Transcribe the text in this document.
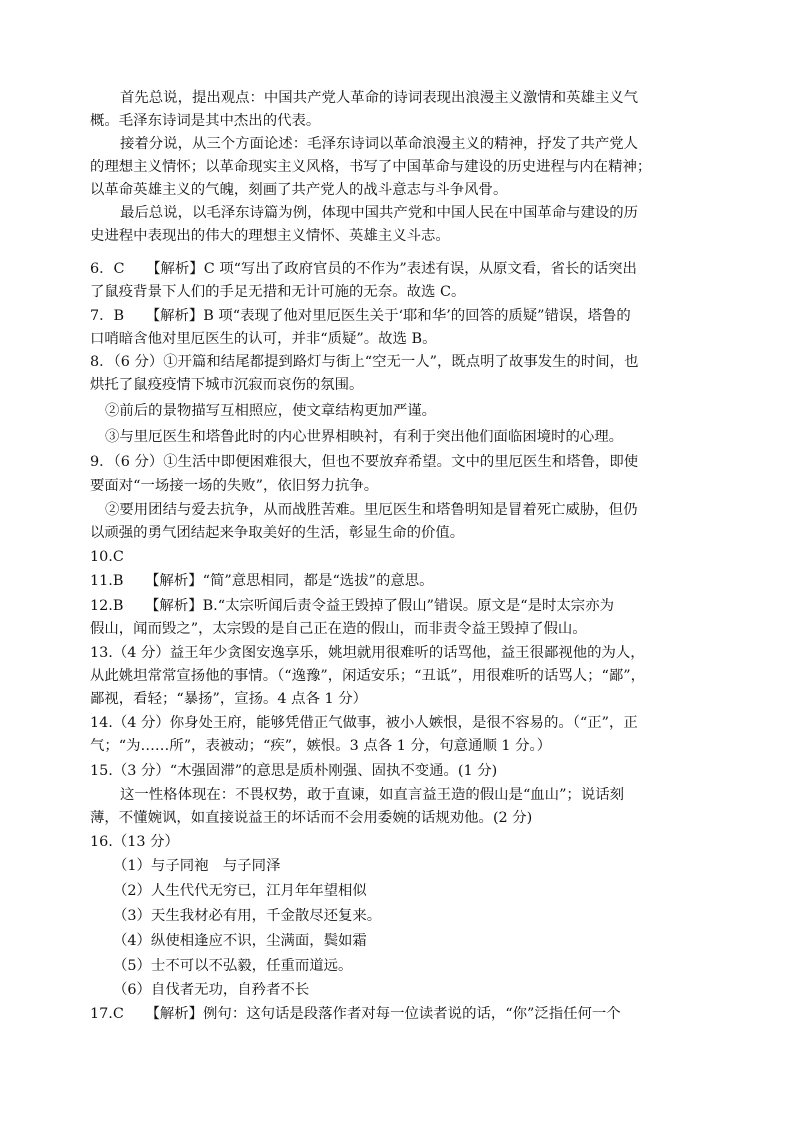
首先总说，提出观点：中国共产党人革命的诗词表现出浪漫主义激情和英雄主义气
概。毛泽东诗词是其中杰出的代表。
接着分说，从三个方面论述：毛泽东诗词以革命浪漫主义的精神，抒发了共产党人
的理想主义情怀；以革命现实主义风格，书写了中国革命与建设的历史进程与内在精神；
以革命英雄主义的气魄，刻画了共产党人的战斗意志与斗争风骨。
最后总说，以毛泽东诗篇为例，体现中国共产党和中国人民在中国革命与建设的历
史进程中表现出的伟大的理想主义情怀、英雄主义斗志。
6．C　　【解析】C 项“写出了政府官员的不作为”表述有误，从原文看，省长的话突出
了鼠疫背景下人们的手足无措和无计可施的无奈。故选 C。
7．B　　【解析】B 项“表现了他对里厄医生关于‘耶和华’的回答的质疑”错误，塔鲁的
口哨暗含他对里厄医生的认可，并非“质疑”。故选 B。
8．（6 分）①开篇和结尾都提到路灯与街上“空无一人”，既点明了故事发生的时间，也
烘托了鼠疫疫情下城市沉寂而哀伤的氛围。
②前后的景物描写互相照应，使文章结构更加严谨。
③与里厄医生和塔鲁此时的内心世界相映衬，有利于突出他们面临困境时的心理。
9．（6 分）①生活中即便困难很大，但也不要放弃希望。文中的里厄医生和塔鲁，即使
要面对“一场接一场的失败”，依旧努力抗争。
②要用团结与爱去抗争，从而战胜苦难。里厄医生和塔鲁明知是冒着死亡威胁，但仍
以顽强的勇气团结起来争取美好的生活，彰显生命的价值。
10.C
11.B　　【解析】“简”意思相同，都是“选拔”的意思。
12.B　　【解析】B.“太宗听闻后责令益王毁掉了假山”错误。原文是“是时太宗亦为
假山，闻而毁之”，太宗毁的是自己正在造的假山，而非责令益王毁掉了假山。
13.（4 分）益王年少贪图安逸享乐，姚坦就用很难听的话骂他，益王很鄙视他的为人，
从此姚坦常常宣扬他的事情。（“逸豫”，闲适安乐；“丑诋”，用很难听的话骂人；“鄙”，
鄙视，看轻；“暴扬”，宣扬。4 点各 1 分）
14.（4 分）你身处王府，能够凭借正气做事，被小人嫉恨，是很不容易的。（“正”，正
气；“为……所”，表被动；“疾”，嫉恨。3 点各 1 分，句意通顺 1 分。）
15.（3 分）“木强固滞”的意思是质朴刚强、固执不变通。(1 分)
这一性格体现在：不畏权势，敢于直谏，如直言益王造的假山是“血山”；说话刻
薄，不懂婉讽，如直接说益王的坏话而不会用委婉的话规劝他。(2 分)
16.（13 分）
（1）与子同袍　与子同泽
（2）人生代代无穷已，江月年年望相似
（3）天生我材必有用，千金散尽还复来。
（4）纵使相逢应不识，尘满面，鬓如霜
（5）士不可以不弘毅，任重而道远。
（6）自伐者无功，自矜者不长
17.C　　【解析】例句：这句话是段落作者对每一位读者说的话，“你”泛指任何一个
